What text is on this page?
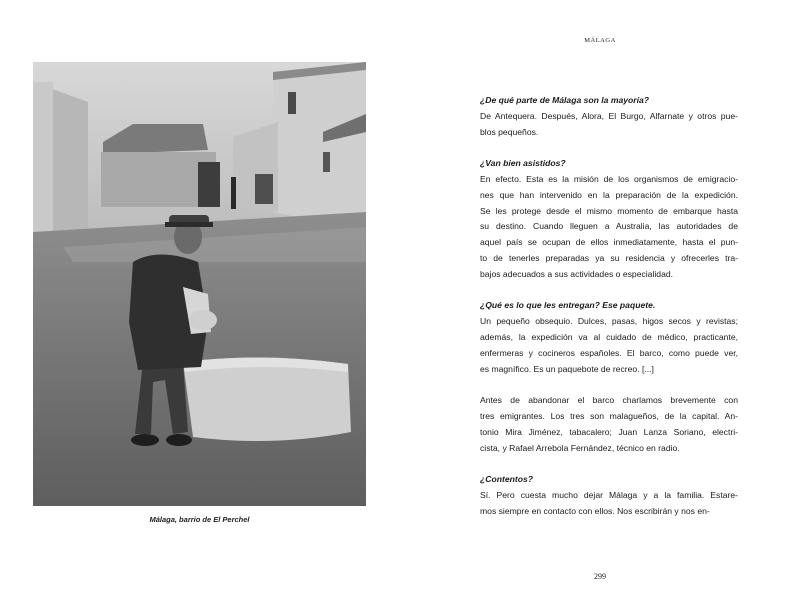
Málaga, barrio de El Perchel
MÁLAGA
¿De qué parte de Málaga son la mayoría?
De Antequera. Después, Alora, El Burgo, Alfarnate y otros pue-
blos pequeños.
¿Van bien asistidos?
En efecto. Esta es la misión de los organismos de emigracio-
nes que han intervenido en la preparación de la expedición.
Se les protege desde el mismo momento de embarque hasta
su destino. Cuando lleguen a Australia, las autoridades de
aquel país se ocupan de ellos inmediatamente, hasta el pun-
to de tenerles preparadas ya su residencia y ofrecerles tra-
bajos adecuados a sus actividades o especialidad.
¿Qué es lo que les entregan? Ese paquete.
Un pequeño obsequio. Dulces, pasas, higos secos y revistas;
además, la expedición va al cuidado de médico, practicante,
enfermeras y cocineros españoles. El barco, como puede ver,
es magnífico. Es un paquebote de recreo. [...]
Antes de abandonar el barco charlamos brevemente con
tres emigrantes. Los tres son malagueños, de la capital. An-
tonio Mira Jiménez, tabacalero; Juan Lanza Soriano, electri-
cista, y Rafael Arrebola Fernández, técnico en radio.
¿Contentos?
Sí. Pero cuesta mucho dejar Málaga y a la familia. Estare-
mos siempre en contacto con ellos. Nos escribirán y nos en-
299
